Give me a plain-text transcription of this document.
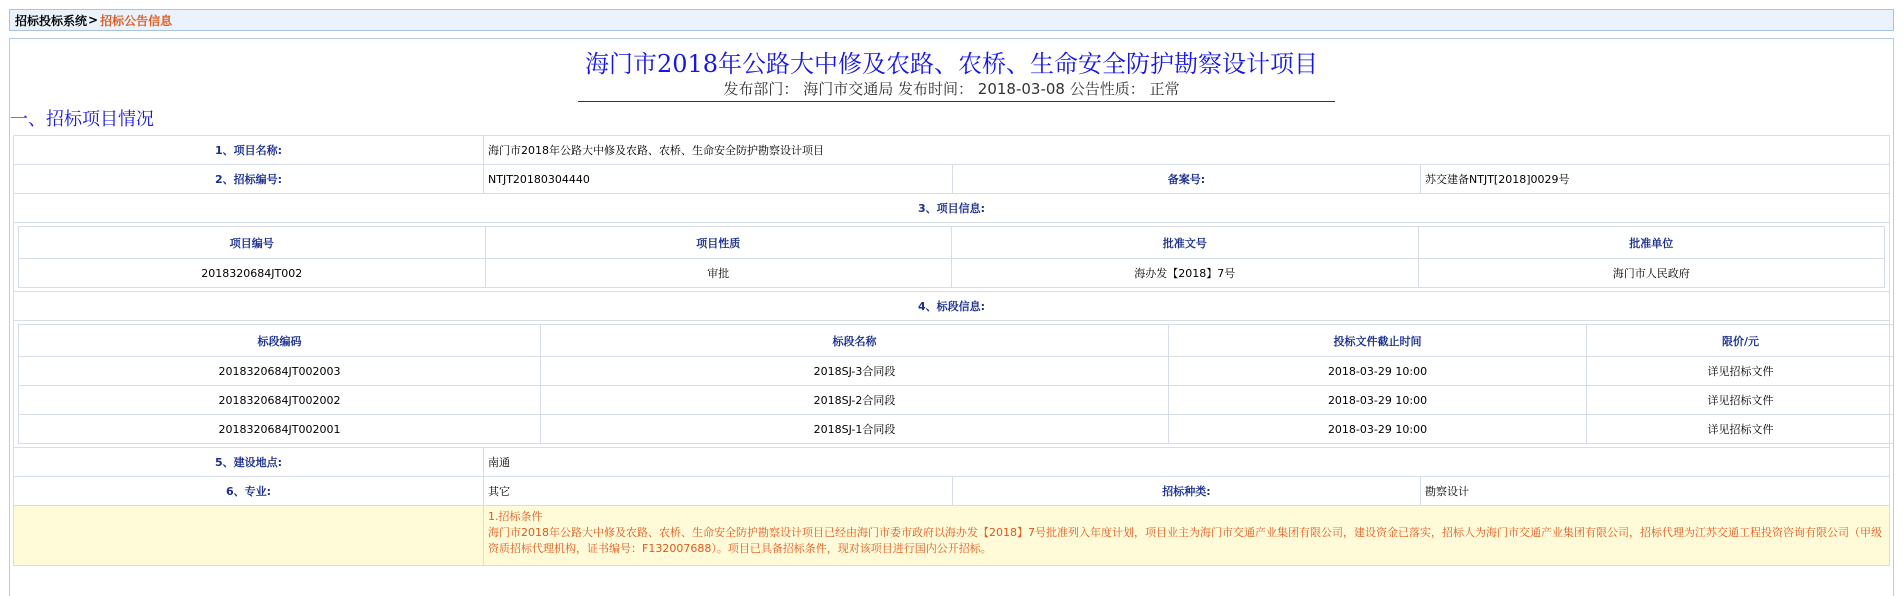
招标投标系统 > 招标公告信息
海门市2018年公路大中修及农路、农桥、生命安全防护勘察设计项目
发布部门： 海门市交通局 发布时间： 2018-03-08 公告性质： 正常
一、招标项目情况
1、项目名称:	海门市2018年公路大中修及农路、农桥、生命安全防护勘察设计项目
2、招标编号:	NTJT20180304440	备案号:	苏交建备NTJT[2018]0029号
3、项目信息:

项目编号	项目性质	批准文号	批准单位
2018320684JT002	审批	海办发【2018】7号	海门市人民政府

4、标段信息:

标段编码	标段名称	投标文件截止时间	限价/元
2018320684JT002003	2018SJ-3合同段	2018-03-29 10:00	详见招标文件
2018320684JT002002	2018SJ-2合同段	2018-03-29 10:00	详见招标文件
2018320684JT002001	2018SJ-1合同段	2018-03-29 10:00	详见招标文件

5、建设地点:	南通
6、专业:	其它	招标种类:	勘察设计

1.招标条件
海门市2018年公路大中修及农路、农桥、生命安全防护勘察设计项目已经由海门市委市政府以海办发【2018】7号批准列入年度计划，项目业主为海门市交通产业集团有限公司，建设资金已落实，招标人为海门市交通产业集团有限公司，招标代理为江苏交通工程投资咨询有限公司（甲级资质招标代理机构，证书编号：F132007688）。项目已具备招标条件，现对该项目进行国内公开招标。
